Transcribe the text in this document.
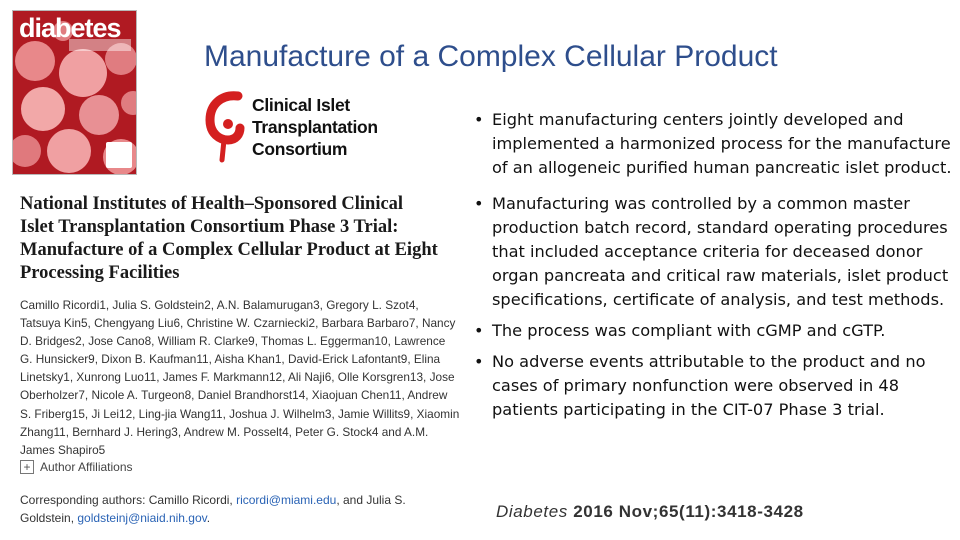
diabetes
Manufacture of a Complex Cellular Product
Clinical Islet
Transplantation
Consortium
National Institutes of Health–Sponsored Clinical Islet Transplantation Consortium Phase 3 Trial: Manufacture of a Complex Cellular Product at Eight Processing Facilities
Camillo Ricordi1, Julia S. Goldstein2, A.N. Balamurugan3, Gregory L. Szot4, Tatsuya Kin5, Chengyang Liu6, Christine W. Czarniecki2, Barbara Barbaro7, Nancy D. Bridges2, Jose Cano8, William R. Clarke9, Thomas L. Eggerman10, Lawrence G. Hunsicker9, Dixon B. Kaufman11, Aisha Khan1, David-Erick Lafontant9, Elina Linetsky1, Xunrong Luo11, James F. Markmann12, Ali Naji6, Olle Korsgren13, Jose Oberholzer7, Nicole A. Turgeon8, Daniel Brandhorst14, Xiaojuan Chen11, Andrew S. Friberg15, Ji Lei12, Ling-jia Wang11, Joshua J. Wilhelm3, Jamie Willits9, Xiaomin Zhang11, Bernhard J. Hering3, Andrew M. Posselt4, Peter G. Stock4 and A.M. James Shapiro5
+ Author Affiliations
Corresponding authors: Camillo Ricordi, ricordi@miami.edu, and Julia S. Goldstein, goldsteinj@niaid.nih.gov.
• Eight manufacturing centers jointly developed and implemented a harmonized process for the manufacture of an allogeneic purified human pancreatic islet product.
• Manufacturing was controlled by a common master production batch record, standard operating procedures that included acceptance criteria for deceased donor organ pancreata and critical raw materials, islet product specifications, certificate of analysis, and test methods.
• The process was compliant with cGMP and cGTP.
• No adverse events attributable to the product and no cases of primary nonfunction were observed in 48 patients participating in the CIT-07 Phase 3 trial.
Diabetes 2016 Nov;65(11):3418-3428
